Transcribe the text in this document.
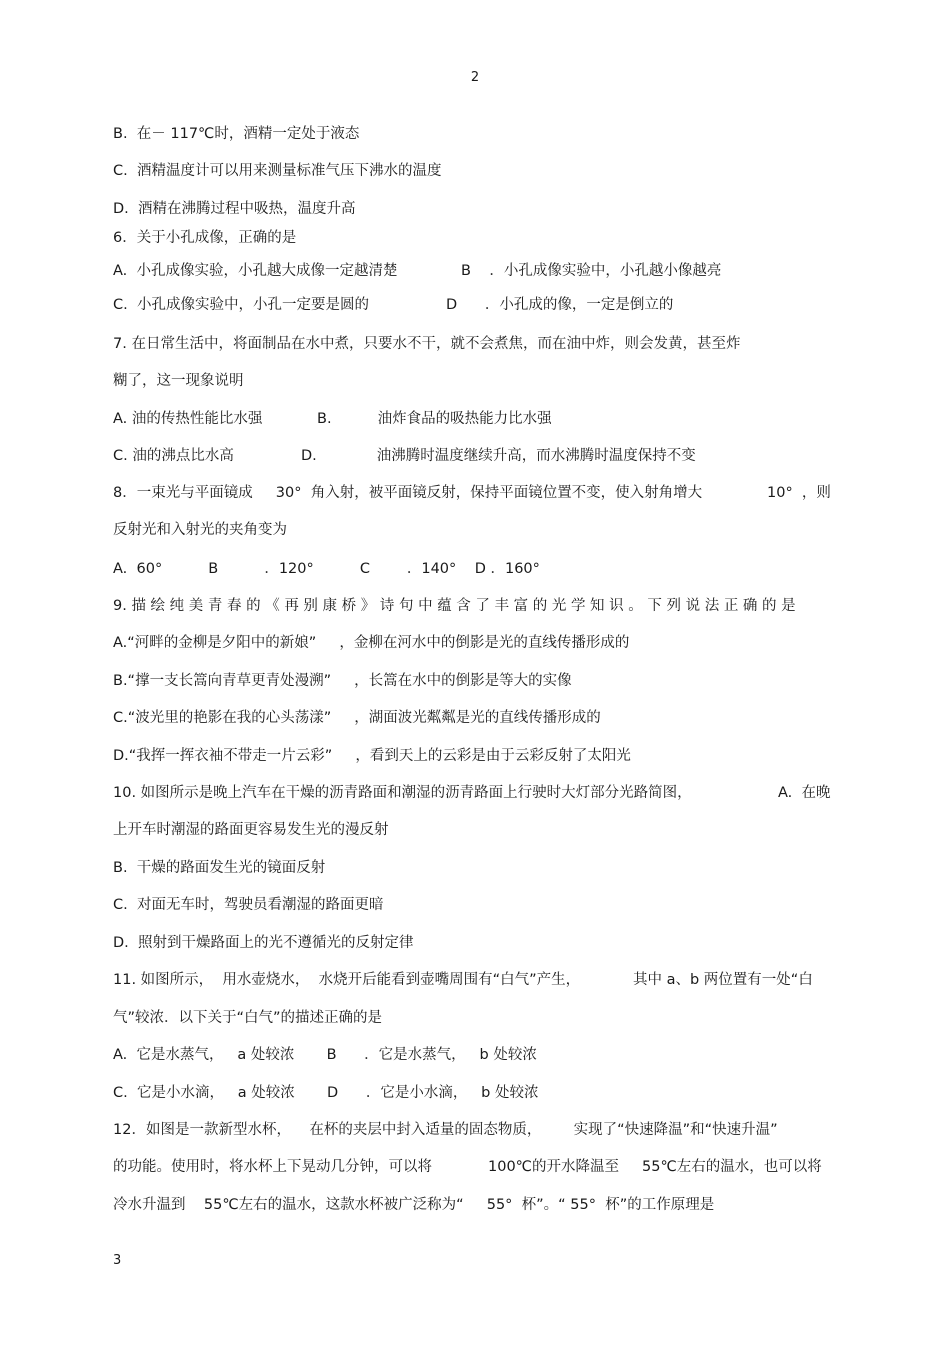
2
B.  在－ 117℃时，酒精一定处于液态
C.  酒精温度计可以用来测量标准气压下沸水的温度
D.  酒精在沸腾过程中吸热，温度升高
6．关于小孔成像，正确的是
A.  小孔成像实验，小孔越大成像一定越清楚	B    ．小孔成像实验中，小孔越小像越亮
C.  小孔成像实验中，小孔一定要是圆的	D      ．小孔成的像，一定是倒立的
7. 在日常生活中，将面制品在水中煮，只要水不干，就不会煮焦，而在油中炸，则会发黄，甚至炸
糊了，这一现象说明
A. 油的传热性能比水强	B.          油炸食品的吸热能力比水强
C. 油的沸点比水高	D.             油沸腾时温度继续升高，而水沸腾时温度保持不变
8．一束光与平面镜成     30°  角入射，被平面镜反射，保持平面镜位置不变，使入射角增大	10°  ，则
反射光和入射光的夹角变为
A.  60°          B          ．120°          C        ．140°    D ．160°
9. 描 绘 纯 美 青 春 的 《 再 别 康 桥 》 诗 句 中 蕴 含 了 丰 富 的 光 学 知 识 。 下 列 说 法 正 确 的 是
A.“河畔的金柳是夕阳中的新娘”     ，金柳在河水中的倒影是光的直线传播形成的
B.“撑一支长篙向青草更青处漫溯”     ，长篙在水中的倒影是等大的实像
C.“波光里的艳影在我的心头荡漾”     ，湖面波光粼粼是光的直线传播形成的
D.“我挥一挥衣袖不带走一片云彩”     ，看到天上的云彩是由于云彩反射了太阳光
10. 如图所示是晚上汽车在干燥的沥青路面和潮湿的沥青路面上行驶时大灯部分光路简图，	A.  在晚
上开车时潮湿的路面更容易发生光的漫反射
B.  干燥的路面发生光的镜面反射
C.  对面无车时，驾驶员看潮湿的路面更暗
D.  照射到干燥路面上的光不遵循光的反射定律
11. 如图所示，  用水壶烧水，  水烧开后能看到壶嘴周围有“白气”产生，	其中 a、b 两位置有一处“白
气”较浓．以下关于“白气”的描述正确的是
A.  它是水蒸气，   a 处较浓       B      ．它是水蒸气，   b 处较浓
C.  它是小水滴，   a 处较浓       D      ．它是小水滴，   b 处较浓
12．如图是一款新型水杯，    在杯的夹层中封入适量的固态物质，       实现了“快速降温”和“快速升温”
的功能。使用时，将水杯上下晃动几分钟，可以将	100℃的开水降温至     55℃左右的温水，也可以将
冷水升温到    55℃左右的温水，这款水杯被广泛称为“     55°  杯”。“ 55°  杯”的工作原理是
3
